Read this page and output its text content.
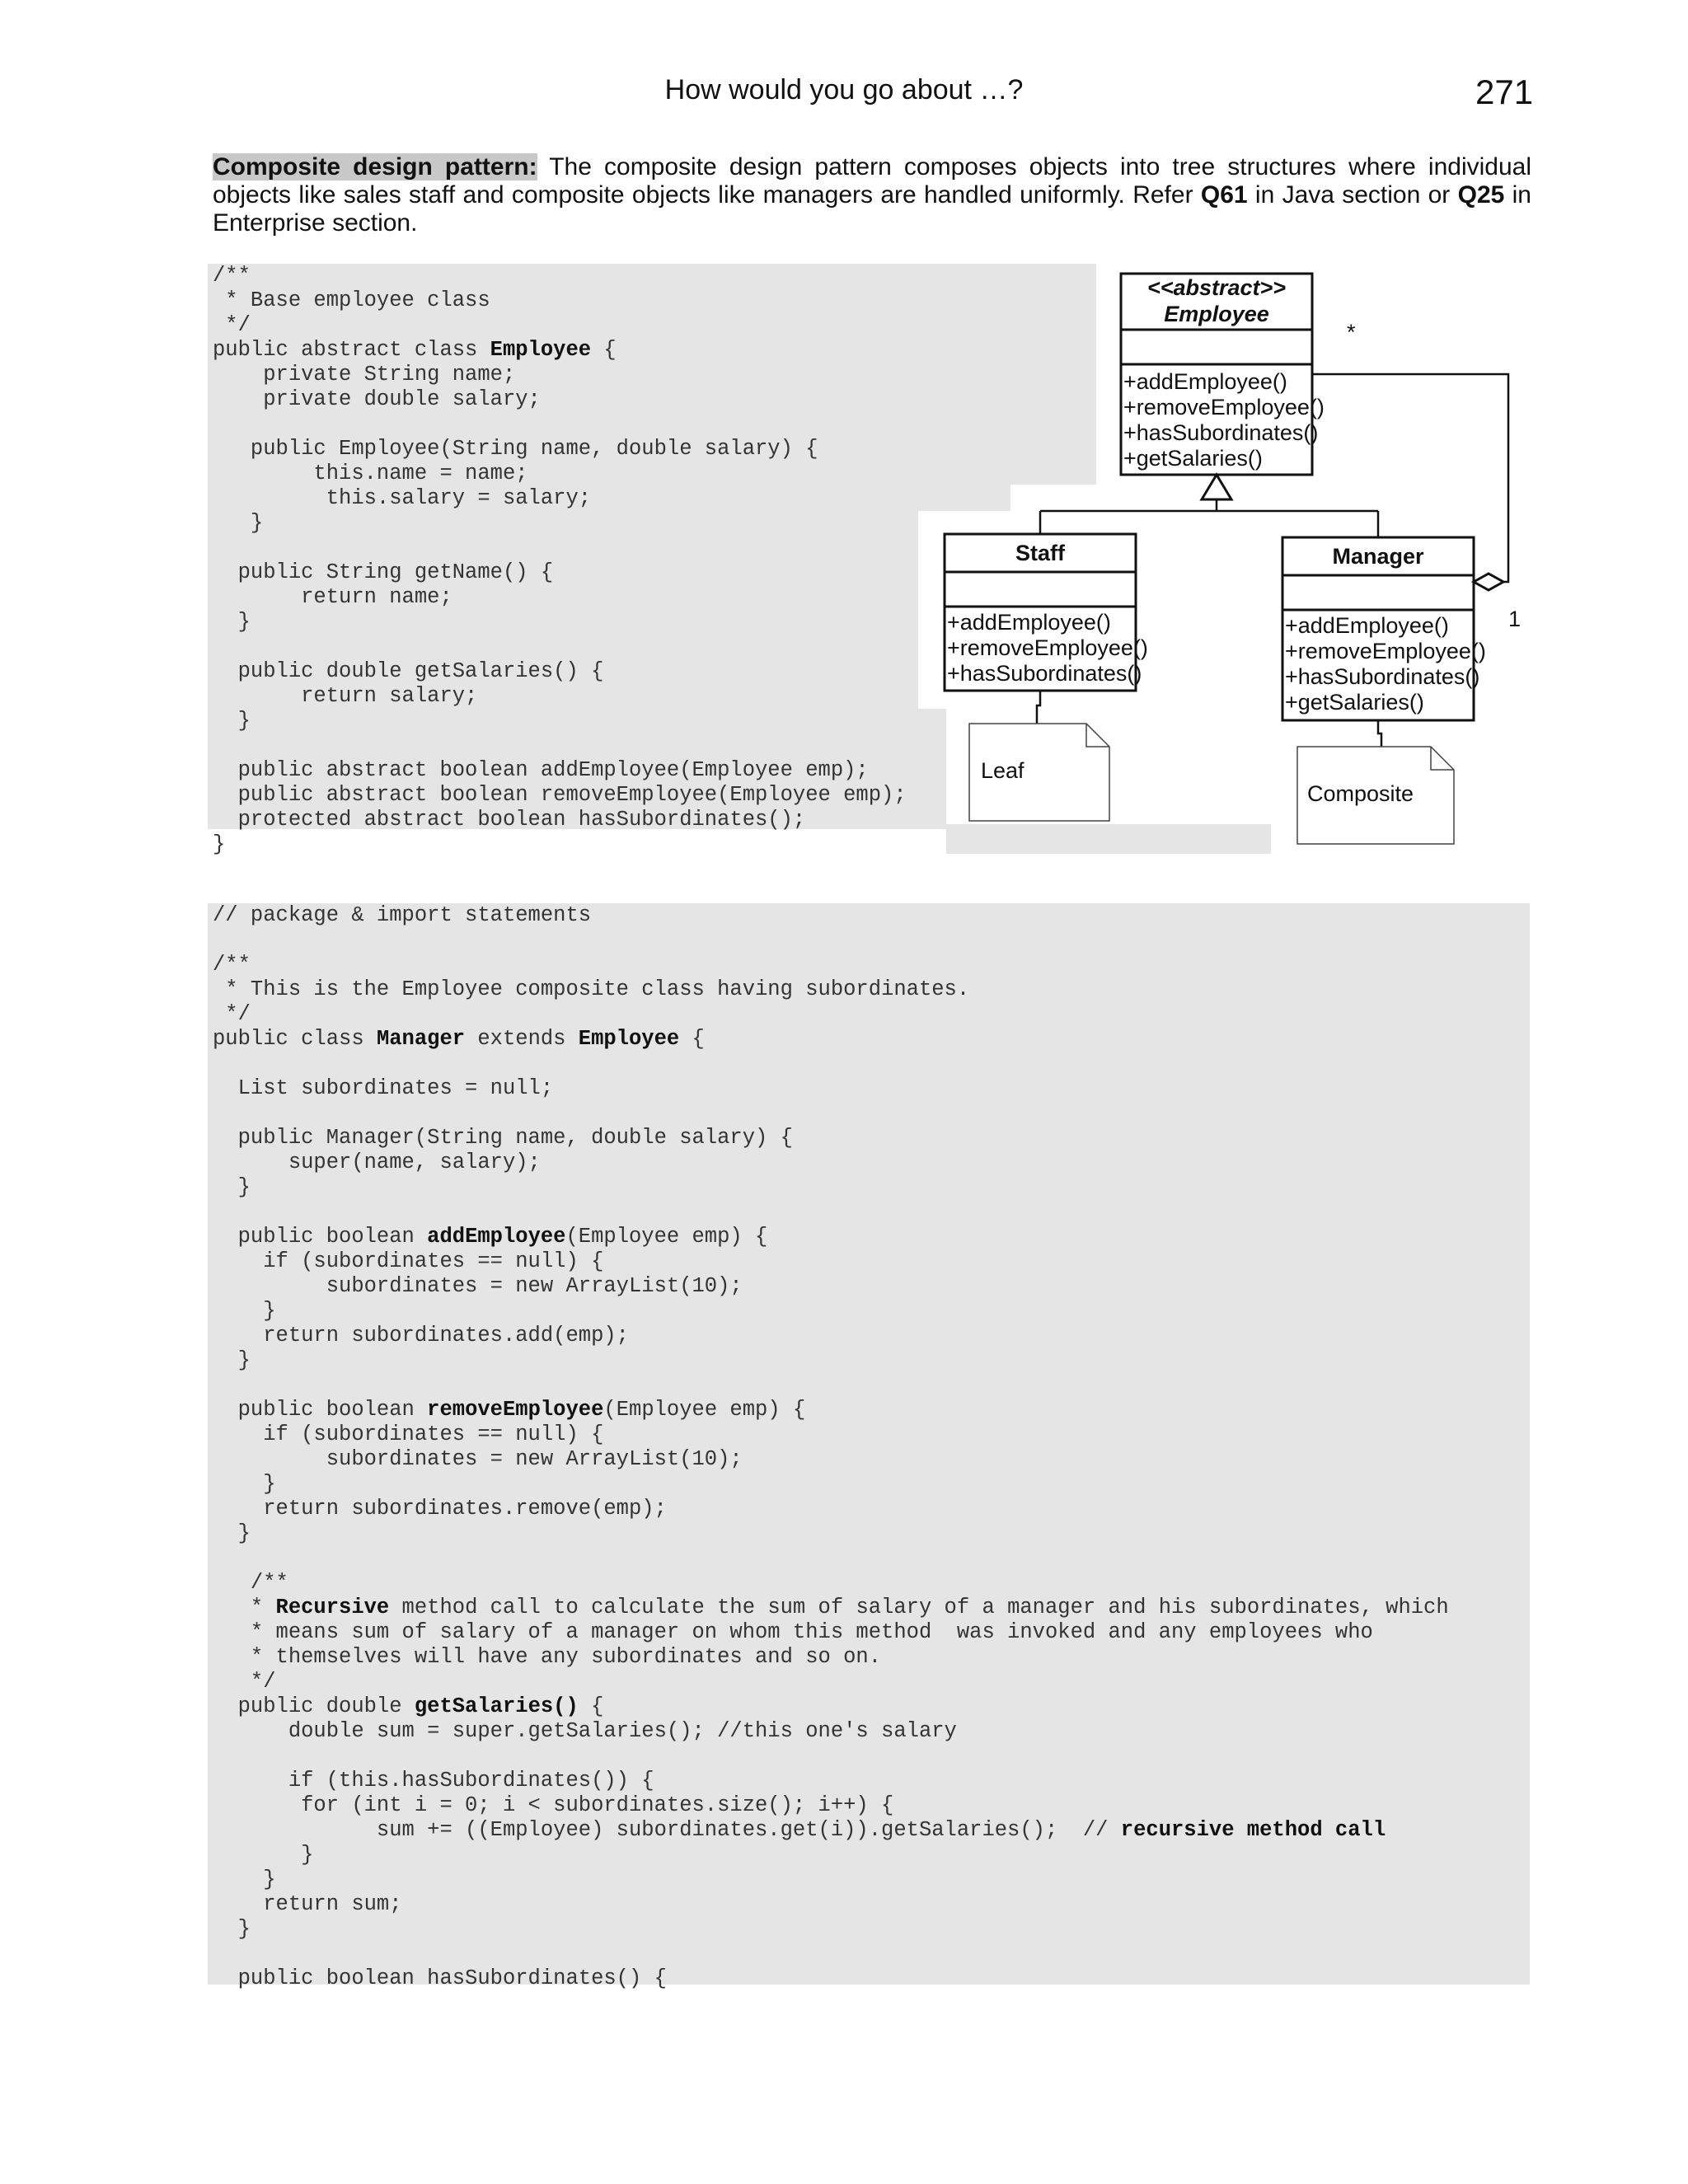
How would you go about …?	271
Composite design pattern: The composite design pattern composes objects into tree structures where individual objects like sales staff and composite objects like managers are handled uniformly. Refer Q61 in Java section or Q25 in Enterprise section.
/**
* Base employee class
*/
public abstract class Employee {
private String name;
private double salary;

public Employee(String name, double salary) {
this.name = name;
this.salary = salary;
}

public String getName() {
return name;
}

public double getSalaries() {
return salary;
}

public abstract boolean addEmployee(Employee emp);
public abstract boolean removeEmployee(Employee emp);
protected abstract boolean hasSubordinates();
}
<<abstract>>
Employee
+addEmployee()
+removeEmployee()
+hasSubordinates()
+getSalaries()
Staff
+addEmployee()
+removeEmployee()
+hasSubordinates()
Manager
+addEmployee()
+removeEmployee()
+hasSubordinates()
+getSalaries()
*
1
Leaf
Composite
// package & import statements

/**
* This is the Employee composite class having subordinates.
*/
public class Manager extends Employee {

List subordinates = null;

public Manager(String name, double salary) {
super(name, salary);
}

public boolean addEmployee(Employee emp) {
if (subordinates == null) {
subordinates = new ArrayList(10);
}
return subordinates.add(emp);
}

public boolean removeEmployee(Employee emp) {
if (subordinates == null) {
subordinates = new ArrayList(10);
}
return subordinates.remove(emp);
}

/**
* Recursive method call to calculate the sum of salary of a manager and his subordinates, which
* means sum of salary of a manager on whom this method  was invoked and any employees who
* themselves will have any subordinates and so on.
*/
public double getSalaries() {
double sum = super.getSalaries(); //this one's salary

if (this.hasSubordinates()) {
for (int i = 0; i < subordinates.size(); i++) {
sum += ((Employee) subordinates.get(i)).getSalaries();  // recursive method call
}
}
return sum;
}

public boolean hasSubordinates() {
